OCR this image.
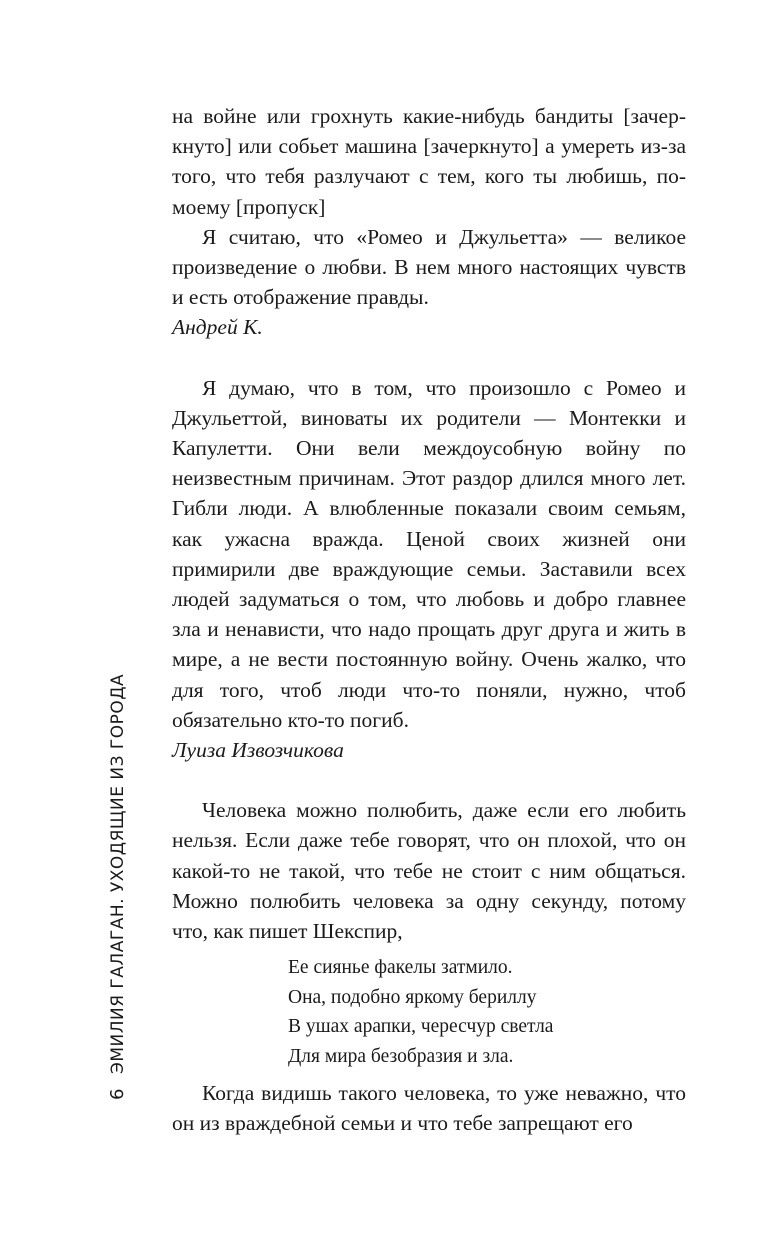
6
ЭМИЛИЯ ГАЛАГАН. УХОДЯЩИЕ ИЗ ГОРОДА

на войне или грохнуть какие-нибудь бандиты [зачеркнуто] или собьет машина [зачеркнуто] а умереть из-за того, что тебя разлучают с тем, кого ты любишь, по-моему [пропуск]

Я считаю, что «Ромео и Джульетта» — великое произведение о любви. В нем много настоящих чувств и есть отображение правды.

Андрей К.

Я думаю, что в том, что произошло с Ромео и Джульеттой, виноваты их родители — Монтекки и Капулетти. Они вели междоусобную войну по неизвестным причинам. Этот раздор длился много лет. Гибли люди. А влюбленные показали своим семьям, как ужасна вражда. Ценой своих жизней они примирили две враждующие семьи. Заставили всех людей задуматься о том, что любовь и добро главнее зла и ненависти, что надо прощать друг друга и жить в мире, а не вести постоянную войну. Очень жалко, что для того, чтоб люди что-то поняли, нужно, чтоб обязательно кто-то погиб.

Луиза Извозчикова

Человека можно полюбить, даже если его любить нельзя. Если даже тебе говорят, что он плохой, что он какой-то не такой, что тебе не стоит с ним общаться. Можно полюбить человека за одну секунду, потому что, как пишет Шекспир,

Ее сиянье факелы затмило.
Она, подобно яркому бериллу
В ушах арапки, чересчур светла
Для мира безобразия и зла.

Когда видишь такого человека, то уже неважно, что он из враждебной семьи и что тебе запрещают его
